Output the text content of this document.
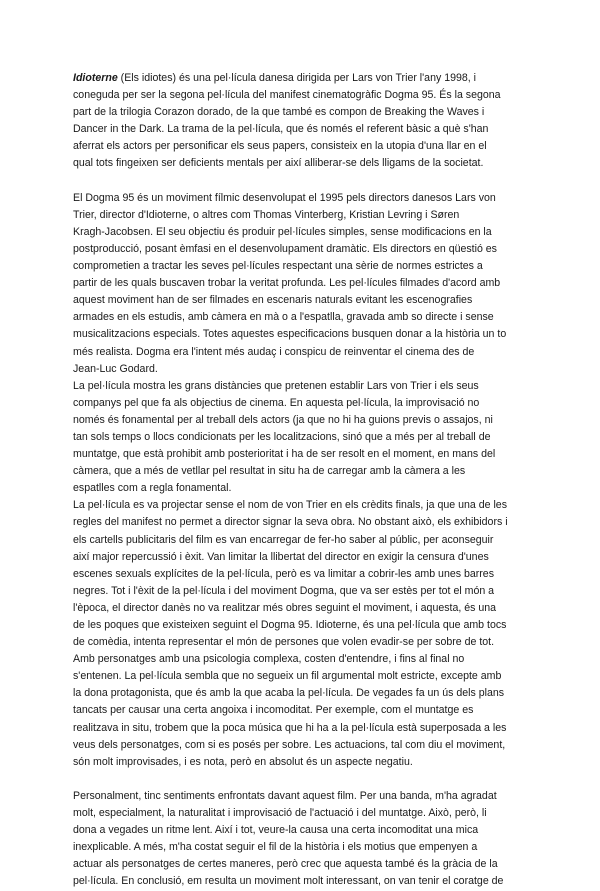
Idioterne (Els idiotes) és una pel·lícula danesa dirigida per Lars von Trier l'any 1998, i
coneguda per ser la segona pel·lícula del manifest cinematogràfic Dogma 95. És la segona
part de la trilogia Corazon dorado, de la que també es compon de Breaking the Waves i
Dancer in the Dark. La trama de la pel·lícula, que és només el referent bàsic a què s'han
aferrat els actors per personificar els seus papers, consisteix en la utopia d'una llar en el
qual tots fingeixen ser deficients mentals per així alliberar-se dels lligams de la societat.

El Dogma 95 és un moviment fílmic desenvolupat el 1995 pels directors danesos Lars von
Trier, director d'Idioterne, o altres com Thomas Vinterberg, Kristian Levring i Søren
Kragh-Jacobsen. El seu objectiu és produir pel·lícules simples, sense modificacions en la
postproducció, posant èmfasi en el desenvolupament dramàtic. Els directors en qüestió es
comprometien a tractar les seves pel·lícules respectant una sèrie de normes estrictes a
partir de les quals buscaven trobar la veritat profunda. Les pel·lícules filmades d'acord amb
aquest moviment han de ser filmades en escenaris naturals evitant les escenografies
armades en els estudis, amb càmera en mà o a l'espatlla, gravada amb so directe i sense
musicalitzacions especials. Totes aquestes especificacions busquen donar a la història un to
més realista. Dogma era l'intent més audaç i conspicu de reinventar el cinema des de
Jean-Luc Godard.

La pel·lícula mostra les grans distàncies que pretenen establir Lars von Trier i els seus
companys pel que fa als objectius de cinema. En aquesta pel·lícula, la improvisació no
només és fonamental per al treball dels actors (ja que no hi ha guions previs o assajos, ni
tan sols temps o llocs condicionats per les localitzacions, sinó que a més per al treball de
muntatge, que està prohibit amb posterioritat i ha de ser resolt en el moment, en mans del
càmera, que a més de vetllar pel resultat in situ ha de carregar amb la càmera a les
espatlles com a regla fonamental.

La pel·lícula es va projectar sense el nom de von Trier en els crèdits finals, ja que una de les
regles del manifest no permet a director signar la seva obra. No obstant això, els exhibidors i
els cartells publicitaris del film es van encarregar de fer-ho saber al públic, per aconseguir
així major repercussió i èxit. Van limitar la llibertat del director en exigir la censura d'unes
escenes sexuals explícites de la pel·lícula, però es va limitar a cobrir-les amb unes barres
negres. Tot i l'èxit de la pel·lícula i del moviment Dogma, que va ser estès per tot el món a
l'època, el director danès no va realitzar més obres seguint el moviment, i aquesta, és una
de les poques que existeixen seguint el Dogma 95. Idioterne, és una pel·lícula que amb tocs
de comèdia, intenta representar el món de persones que volen evadir-se per sobre de tot.
Amb personatges amb una psicologia complexa, costen d'entendre, i fins al final no
s'entenen. La pel·lícula sembla que no segueix un fil argumental molt estricte, excepte amb
la dona protagonista, que és amb la que acaba la pel·lícula. De vegades fa un ús dels plans
tancats per causar una certa angoixa i incomoditat. Per exemple, com el muntatge es
realitzava in situ, trobem que la poca música que hi ha a la pel·lícula està superposada a les
veus dels personatges, com si es posés per sobre. Les actuacions, tal com diu el moviment,
són molt improvisades, i es nota, però en absolut és un aspecte negatiu.

Personalment, tinc sentiments enfrontats davant aquest film. Per una banda, m'ha agradat
molt, especialment, la naturalitat i improvisació de l'actuació i del muntatge. Això, però, li
dona a vegades un ritme lent. Així i tot, veure-la causa una certa incomoditat una mica
inexplicable. A més, m'ha costat seguir el fil de la història i els motius que empenyen a
actuar als personatges de certes maneres, però crec que aquesta també és la gràcia de la
pel·lícula. En conclusió, em resulta un moviment molt interessant, on van tenir el coratge de
